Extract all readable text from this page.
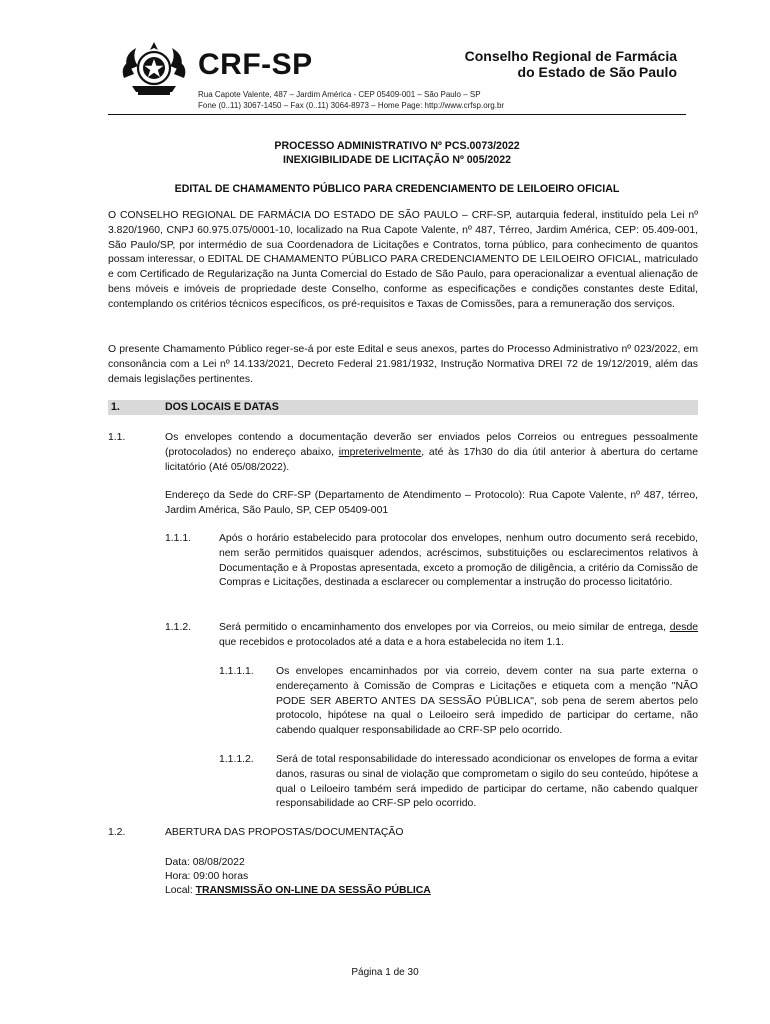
CRF-SP	Conselho Regional de Farmácia
do Estado de São Paulo
Rua Capote Valente, 487 – Jardim América - CEP 05409-001 – São Paulo – SP
Fone (0..11) 3067-1450 – Fax (0..11) 3064-8973 – Home Page: http://www.crfsp.org.br
PROCESSO ADMINISTRATIVO Nº PCS.0073/2022
INEXIGIBILIDADE DE LICITAÇÃO Nº 005/2022
EDITAL DE CHAMAMENTO PÚBLICO PARA CREDENCIAMENTO DE LEILOEIRO OFICIAL

O CONSELHO REGIONAL DE FARMÁCIA DO ESTADO DE SÃO PAULO – CRF-SP, autarquia federal, instituído pela Lei nº 3.820/1960, CNPJ 60.975.075/0001-10, localizado na Rua Capote Valente, nº 487, Térreo, Jardim América, CEP: 05.409-001, São Paulo/SP, por intermédio de sua Coordenadora de Licitações e Contratos, torna público, para conhecimento de quantos possam interessar, o EDITAL DE CHAMAMENTO PÚBLICO PARA CREDENCIAMENTO DE LEILOEIRO OFICIAL, matriculado e com Certificado de Regularização na Junta Comercial do Estado de São Paulo, para operacionalizar a eventual alienação de bens móveis e imóveis de propriedade deste Conselho, conforme as especificações e condições constantes deste Edital, contemplando os critérios técnicos específicos, os pré-requisitos e Taxas de Comissões, para a remuneração dos serviços.

O presente Chamamento Público reger-se-á por este Edital e seus anexos, partes do Processo Administrativo nº 023/2022, em consonância com a Lei nº 14.133/2021, Decreto Federal 21.981/1932, Instrução Normativa DREI 72 de 19/12/2019, além das demais legislações pertinentes.

1.	DOS LOCAIS E DATAS
1.1.	Os envelopes contendo a documentação deverão ser enviados pelos Correios ou entregues pessoalmente (protocolados) no endereço abaixo, impreterivelmente, até às 17h30 do dia útil anterior à abertura do certame licitatório (Até 05/08/2022).

Endereço da Sede do CRF-SP (Departamento de Atendimento – Protocolo): Rua Capote Valente, nº 487, térreo, Jardim América, São Paulo, SP, CEP 05409-001

1.1.1.	Após o horário estabelecido para protocolar dos envelopes, nenhum outro documento será recebido, nem serão permitidos quaisquer adendos, acréscimos, substituições ou esclarecimentos relativos à Documentação e à Propostas apresentada, exceto a promoção de diligência, a critério da Comissão de Compras e Licitações, destinada a esclarecer ou complementar a instrução do processo licitatório.

1.1.2.	Será permitido o encaminhamento dos envelopes por via Correios, ou meio similar de entrega, desde que recebidos e protocolados até a data e a hora estabelecida no item 1.1.

1.1.1.1. Os envelopes encaminhados por via correio, devem conter na sua parte externa o endereçamento à Comissão de Compras e Licitações e etiqueta com a menção "NÃO PODE SER ABERTO ANTES DA SESSÃO PÚBLICA", sob pena de serem abertos pelo protocolo, hipótese na qual o Leiloeiro será impedido de participar do certame, não cabendo qualquer responsabilidade ao CRF-SP pelo ocorrido.

1.1.1.2. Será de total responsabilidade do interessado acondicionar os envelopes de forma a evitar danos, rasuras ou sinal de violação que comprometam o sigilo do seu conteúdo, hipótese a qual o Leiloeiro também será impedido de participar do certame, não cabendo qualquer responsabilidade ao CRF-SP pelo ocorrido.

1.2.	ABERTURA DAS PROPOSTAS/DOCUMENTAÇÃO
Data: 08/08/2022
Hora: 09:00 horas
Local: TRANSMISSÃO ON-LINE DA SESSÃO PÚBLICA
Página 1 de 30
